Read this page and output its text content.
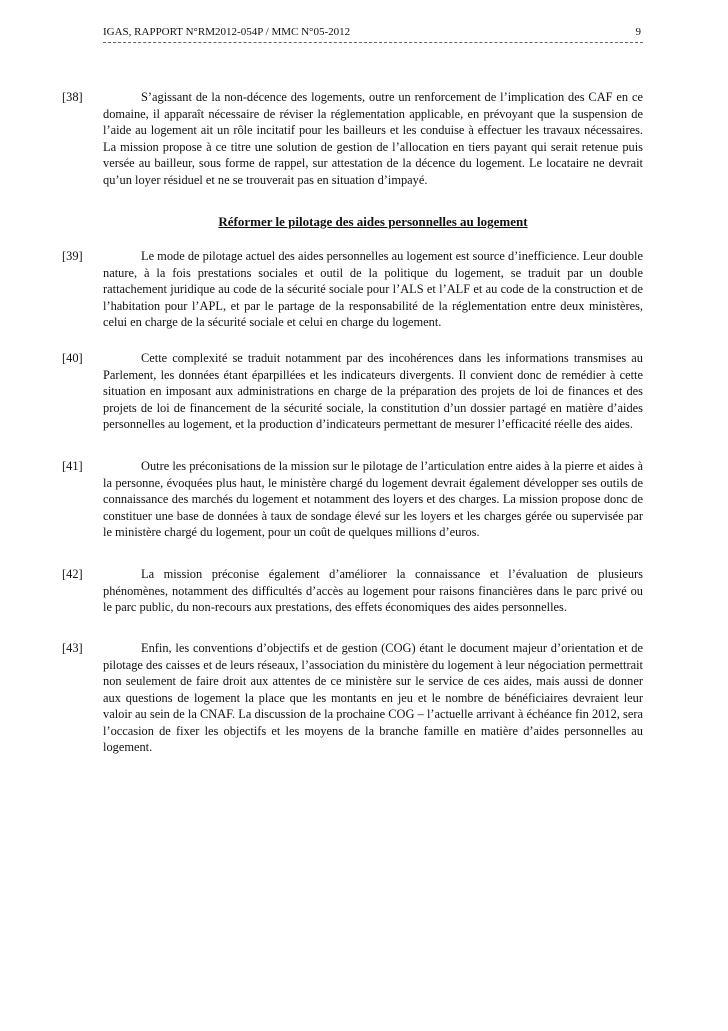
IGAS, RAPPORT N°RM2012-054P / MMC N°05-2012	9
[38]	S’agissant de la non-décence des logements, outre un renforcement de l’implication des CAF en ce domaine, il apparaît nécessaire de réviser la réglementation applicable, en prévoyant que la suspension de l’aide au logement ait un rôle incitatif pour les bailleurs et les conduise à effectuer les travaux nécessaires. La mission propose à ce titre une solution de gestion de l’allocation en tiers payant qui serait retenue puis versée au bailleur, sous forme de rappel, sur attestation de la décence du logement. Le locataire ne devrait qu’un loyer résiduel et ne se trouverait pas en situation d’impayé.

Réformer le pilotage des aides personnelles au logement
[39]	Le mode de pilotage actuel des aides personnelles au logement est source d’inefficience. Leur double nature, à la fois prestations sociales et outil de la politique du logement, se traduit par un double rattachement juridique au code de la sécurité sociale pour l’ALS et l’ALF et au code de la construction et de l’habitation pour l’APL, et par le partage de la responsabilité de la réglementation entre deux ministères, celui en charge de la sécurité sociale et celui en charge du logement.

[40]	Cette complexité se traduit notamment par des incohérences dans les informations transmises au Parlement, les données étant éparpillées et les indicateurs divergents. Il convient donc de remédier à cette situation en imposant aux administrations en charge de la préparation des projets de loi de finances et des projets de loi de financement de la sécurité sociale, la constitution d’un dossier partagé en matière d’aides personnelles au logement, et la production d’indicateurs permettant de mesurer l’efficacité réelle des aides.

[41]	Outre les préconisations de la mission sur le pilotage de l’articulation entre aides à la pierre et aides à la personne, évoquées plus haut, le ministère chargé du logement devrait également développer ses outils de connaissance des marchés du logement et notamment des loyers et des charges. La mission propose donc de constituer une base de données à taux de sondage élevé sur les loyers et les charges gérée ou supervisée par le ministère chargé du logement, pour un coût de quelques millions d’euros.

[42]	La mission préconise également d’améliorer la connaissance et l’évaluation de plusieurs phénomènes, notamment des difficultés d’accès au logement pour raisons financières dans le parc privé ou le parc public, du non-recours aux prestations, des effets économiques des aides personnelles.

[43]	Enfin, les conventions d’objectifs et de gestion (COG) étant le document majeur d’orientation et de pilotage des caisses et de leurs réseaux, l’association du ministère du logement à leur négociation permettrait non seulement de faire droit aux attentes de ce ministère sur le service de ces aides, mais aussi de donner aux questions de logement la place que les montants en jeu et le nombre de bénéficiaires devraient leur valoir au sein de la CNAF. La discussion de la prochaine COG – l’actuelle arrivant à échéance fin 2012, sera l’occasion de fixer les objectifs et les moyens de la branche famille en matière d’aides personnelles au logement.
